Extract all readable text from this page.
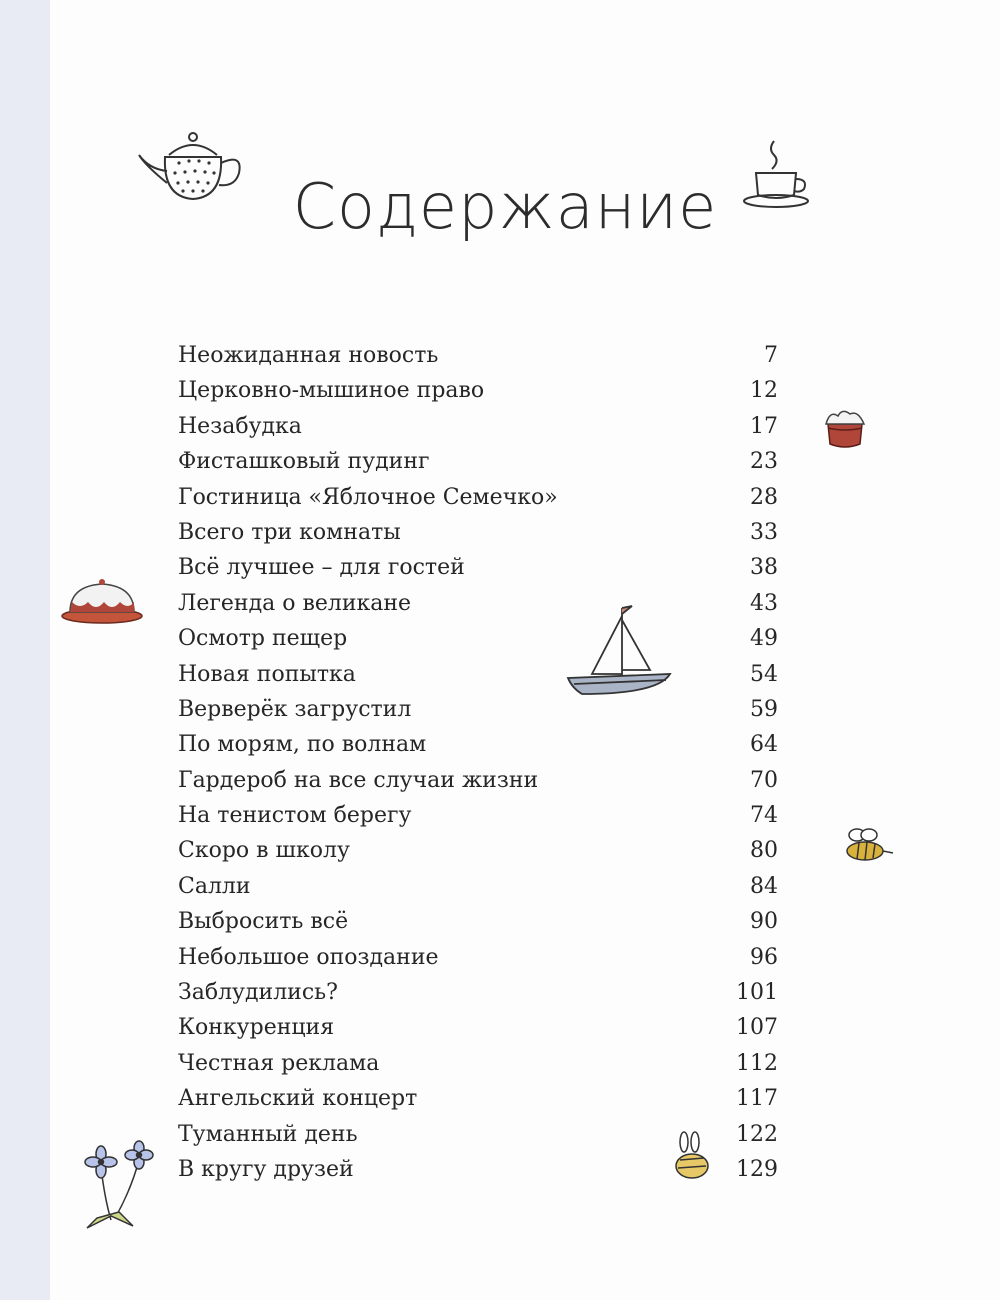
Содержание
Неожиданная новость	7
Церковно-мышиное право	12
Незабудка	17
Фисташковый пудинг	23
Гостиница «Яблочное Семечко»	28
Всего три комнаты	33
Всё лучшее – для гостей	38
Легенда о великане	43
Осмотр пещер	49
Новая попытка	54
Верверёк загрустил	59
По морям, по волнам	64
Гардероб на все случаи жизни	70
На тенистом берегу	74
Скоро в школу	80
Салли	84
Выбросить всё	90
Небольшое опоздание	96
Заблудились?	101
Конкуренция	107
Честная реклама	112
Ангельский концерт	117
Туманный день	122
В кругу друзей	129
